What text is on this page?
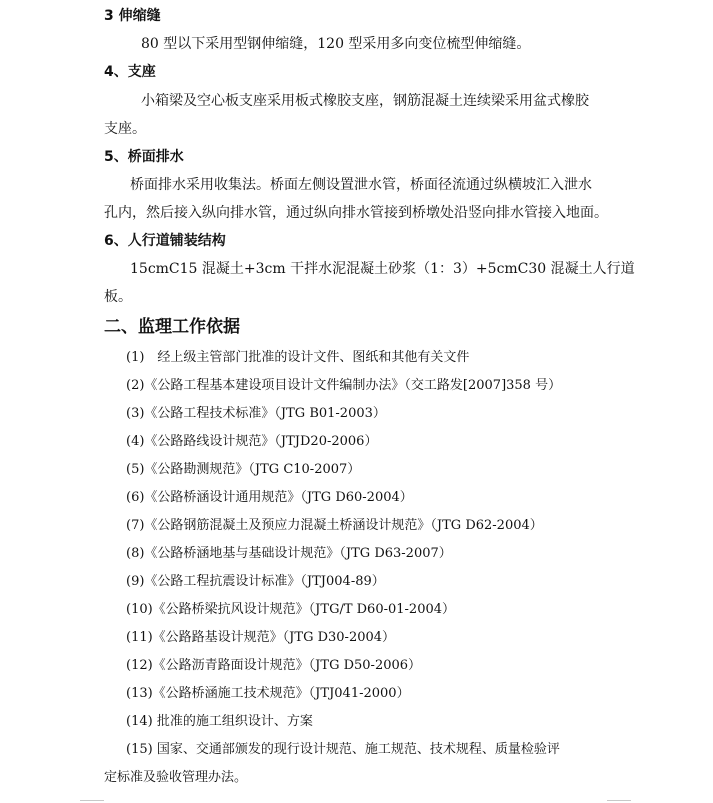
3 伸缩缝
80 型以下采用型钢伸缩缝，120 型采用多向变位梳型伸缩缝。
4、支座
小箱梁及空心板支座采用板式橡胶支座，钢筋混凝土连续梁采用盆式橡胶
支座。
5、桥面排水
桥面排水采用收集法。桥面左侧设置泄水管，桥面径流通过纵横坡汇入泄水
孔内，然后接入纵向排水管，通过纵向排水管接到桥墩处沿竖向排水管接入地面。
6、人行道铺装结构
15cmC15 混凝土+3cm 干拌水泥混凝土砂浆（1：3）+5cmC30 混凝土人行道
板。
二、监理工作依据
(1)　经上级主管部门批准的设计文件、图纸和其他有关文件
(2)《公路工程基本建设项目设计文件编制办法》（交工路发[2007]358 号）
(3)《公路工程技术标准》（JTG B01-2003）
(4)《公路路线设计规范》（JTJD20-2006）
(5)《公路勘测规范》（JTG C10-2007）
(6)《公路桥涵设计通用规范》（JTG D60-2004）
(7)《公路钢筋混凝土及预应力混凝土桥涵设计规范》（JTG D62-2004）
(8)《公路桥涵地基与基础设计规范》（JTG D63-2007）
(9)《公路工程抗震设计标准》（JTJ004-89）
(10)《公路桥梁抗风设计规范》（JTG/T D60-01-2004）
(11)《公路路基设计规范》（JTG D30-2004）
(12)《公路沥青路面设计规范》（JTG D50-2006）
(13)《公路桥涵施工技术规范》（JTJ041-2000）
(14) 批准的施工组织设计、方案
(15) 国家、交通部颁发的现行设计规范、施工规范、技术规程、质量检验评
定标准及验收管理办法。
